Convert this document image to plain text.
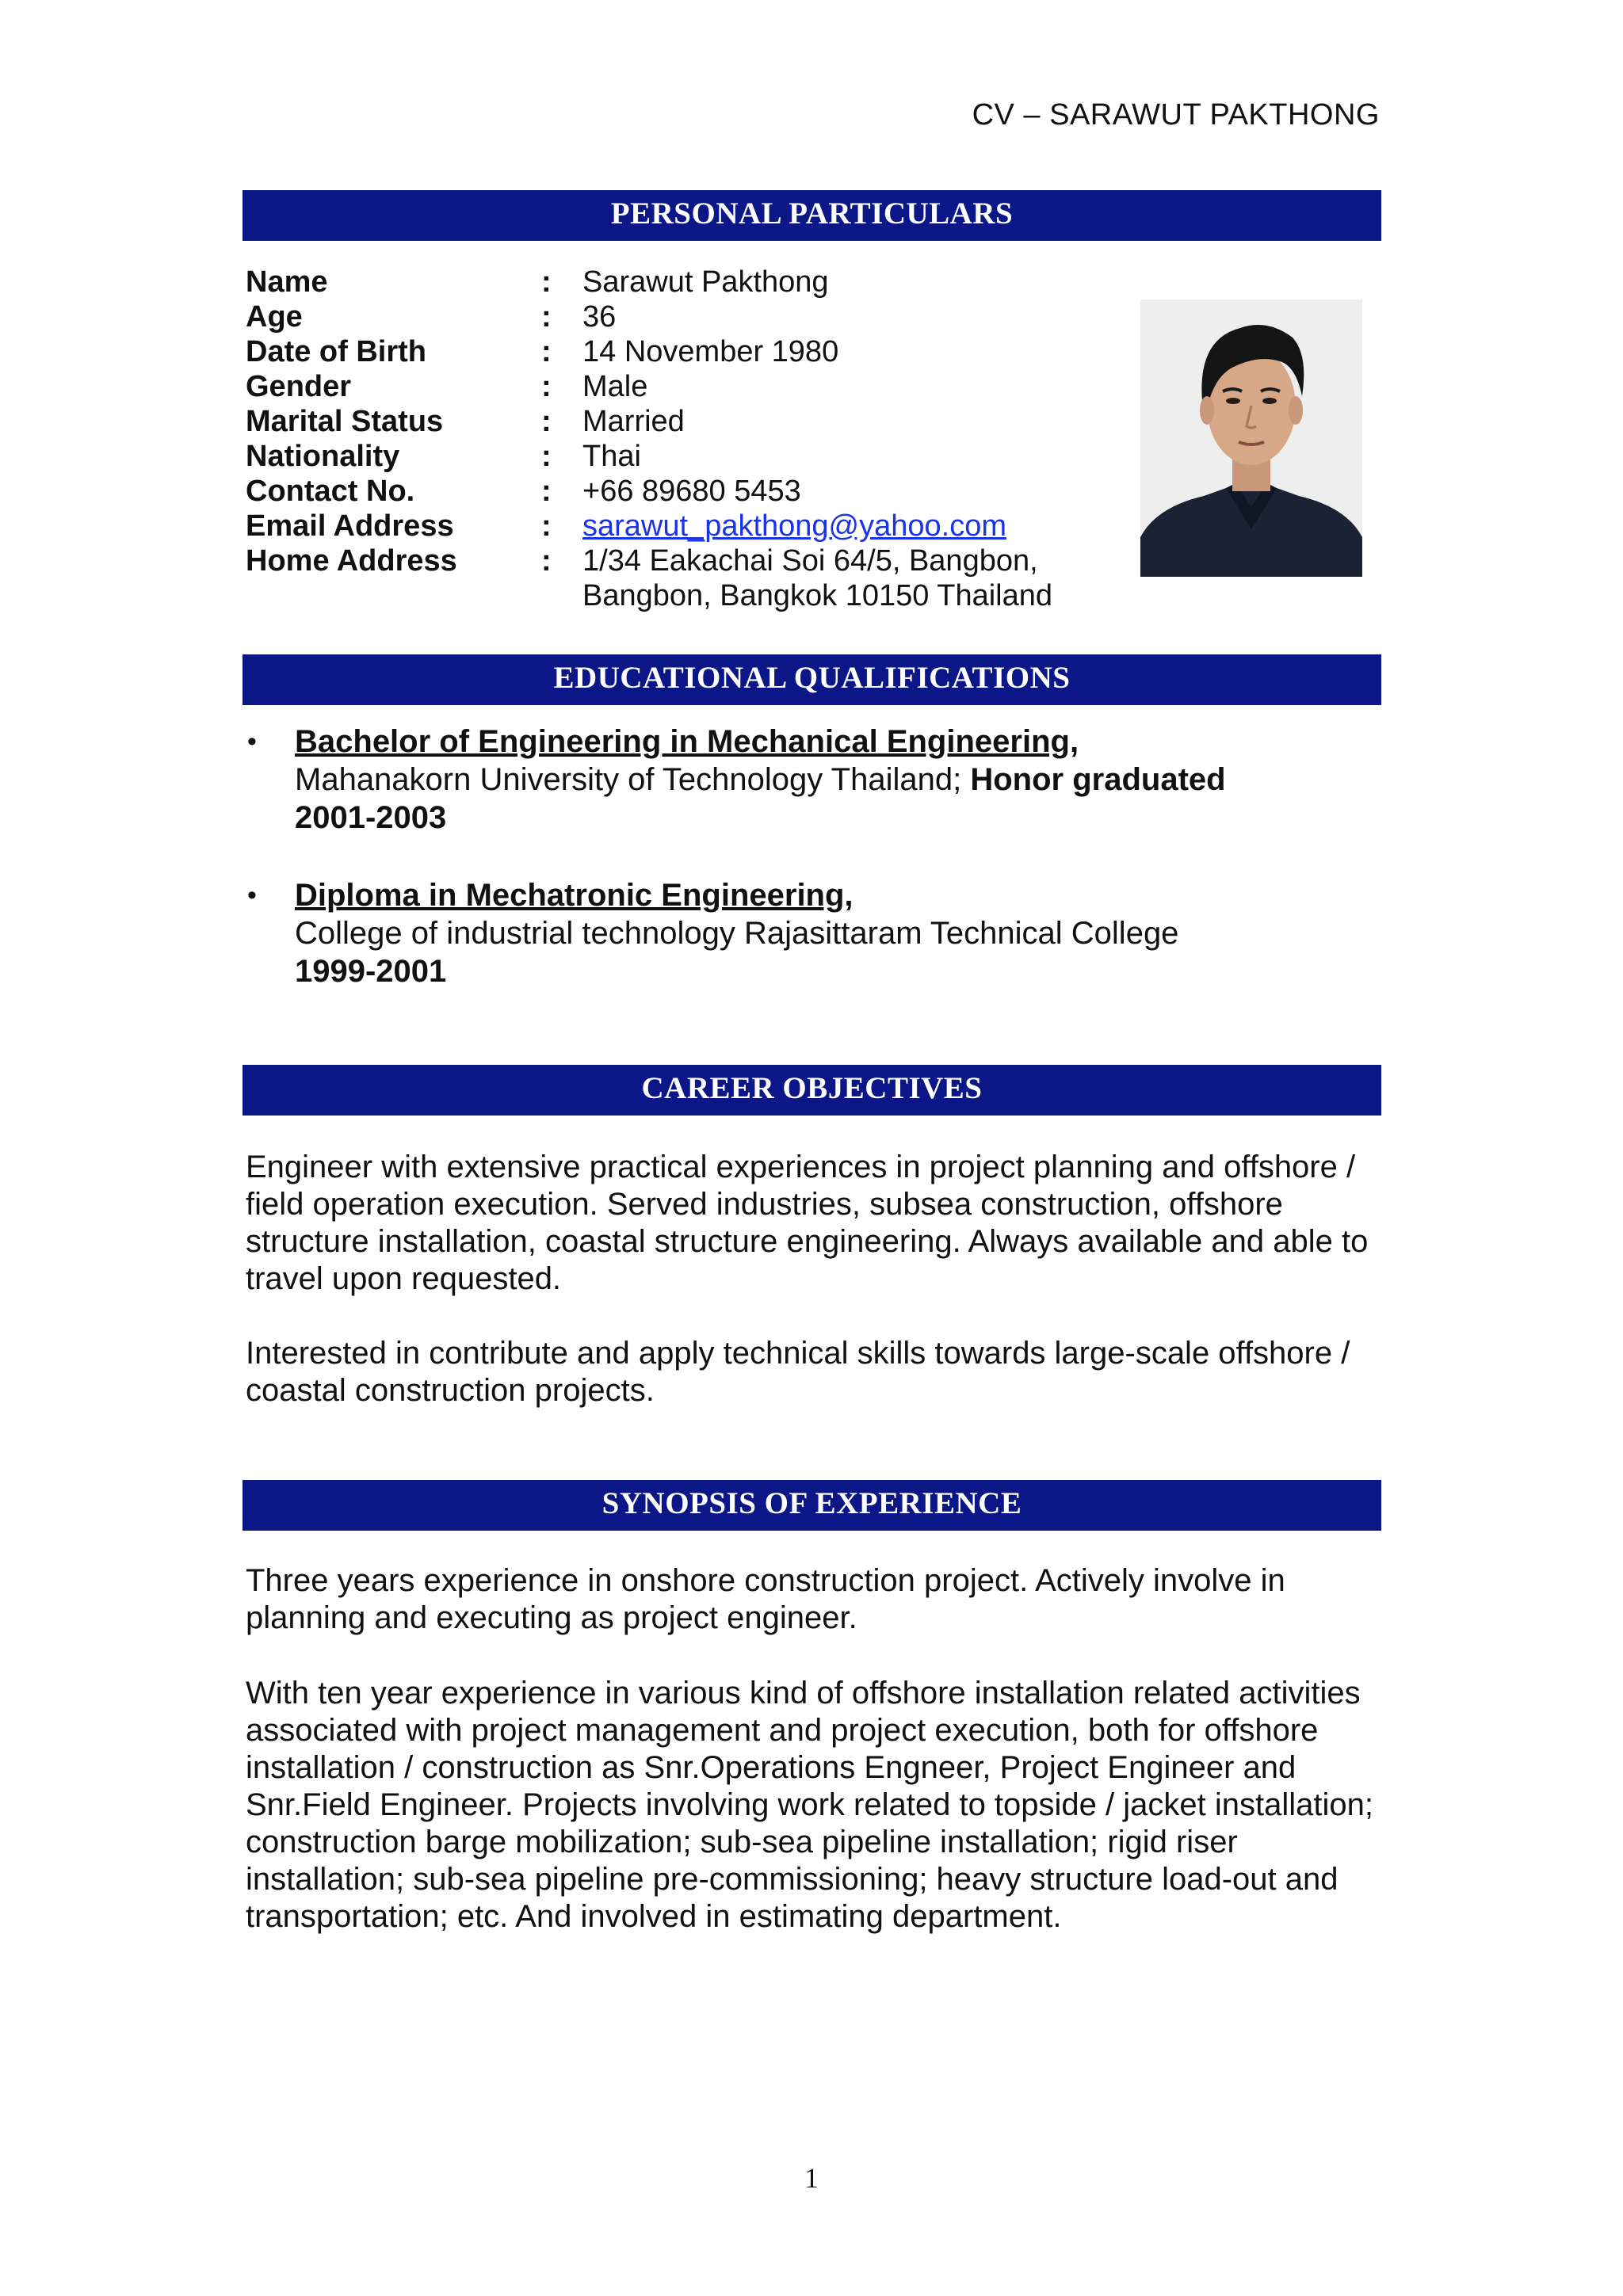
CV – SARAWUT PAKTHONG
PERSONAL PARTICULARS
Name	:	Sarawut Pakthong
Age	:	36
Date of Birth	:	14 November 1980
Gender	:	Male
Marital Status	:	Married
Nationality	:	Thai
Contact No.	:	+66 89680 5453
Email Address	:	sarawut_pakthong@yahoo.com
Home Address	:	1/34 Eakachai Soi 64/5, Bangbon,
Bangbon, Bangkok 10150 Thailand
EDUCATIONAL QUALIFICATIONS
•	Bachelor of Engineering in Mechanical Engineering,
Mahanakorn University of Technology Thailand; Honor graduated
2001-2003
•	Diploma in Mechatronic Engineering,
College of industrial technology Rajasittaram Technical College
1999-2001
CAREER OBJECTIVES
Engineer with extensive practical experiences in project planning and offshore / field operation execution. Served industries, subsea construction, offshore structure installation, coastal structure engineering. Always available and able to travel upon requested.
Interested in contribute and apply technical skills towards large-scale offshore / coastal construction projects.
SYNOPSIS OF EXPERIENCE
Three years experience in onshore construction project. Actively involve in planning and executing as project engineer.
With ten year experience in various kind of offshore installation related activities associated with project management and project execution, both for offshore installation / construction as Snr.Operations Engneer, Project Engineer and Snr.Field Engineer. Projects involving work related to topside / jacket installation; construction barge mobilization; sub-sea pipeline installation; rigid riser installation; sub-sea pipeline pre-commissioning; heavy structure load-out and transportation; etc. And involved in estimating department.
1
